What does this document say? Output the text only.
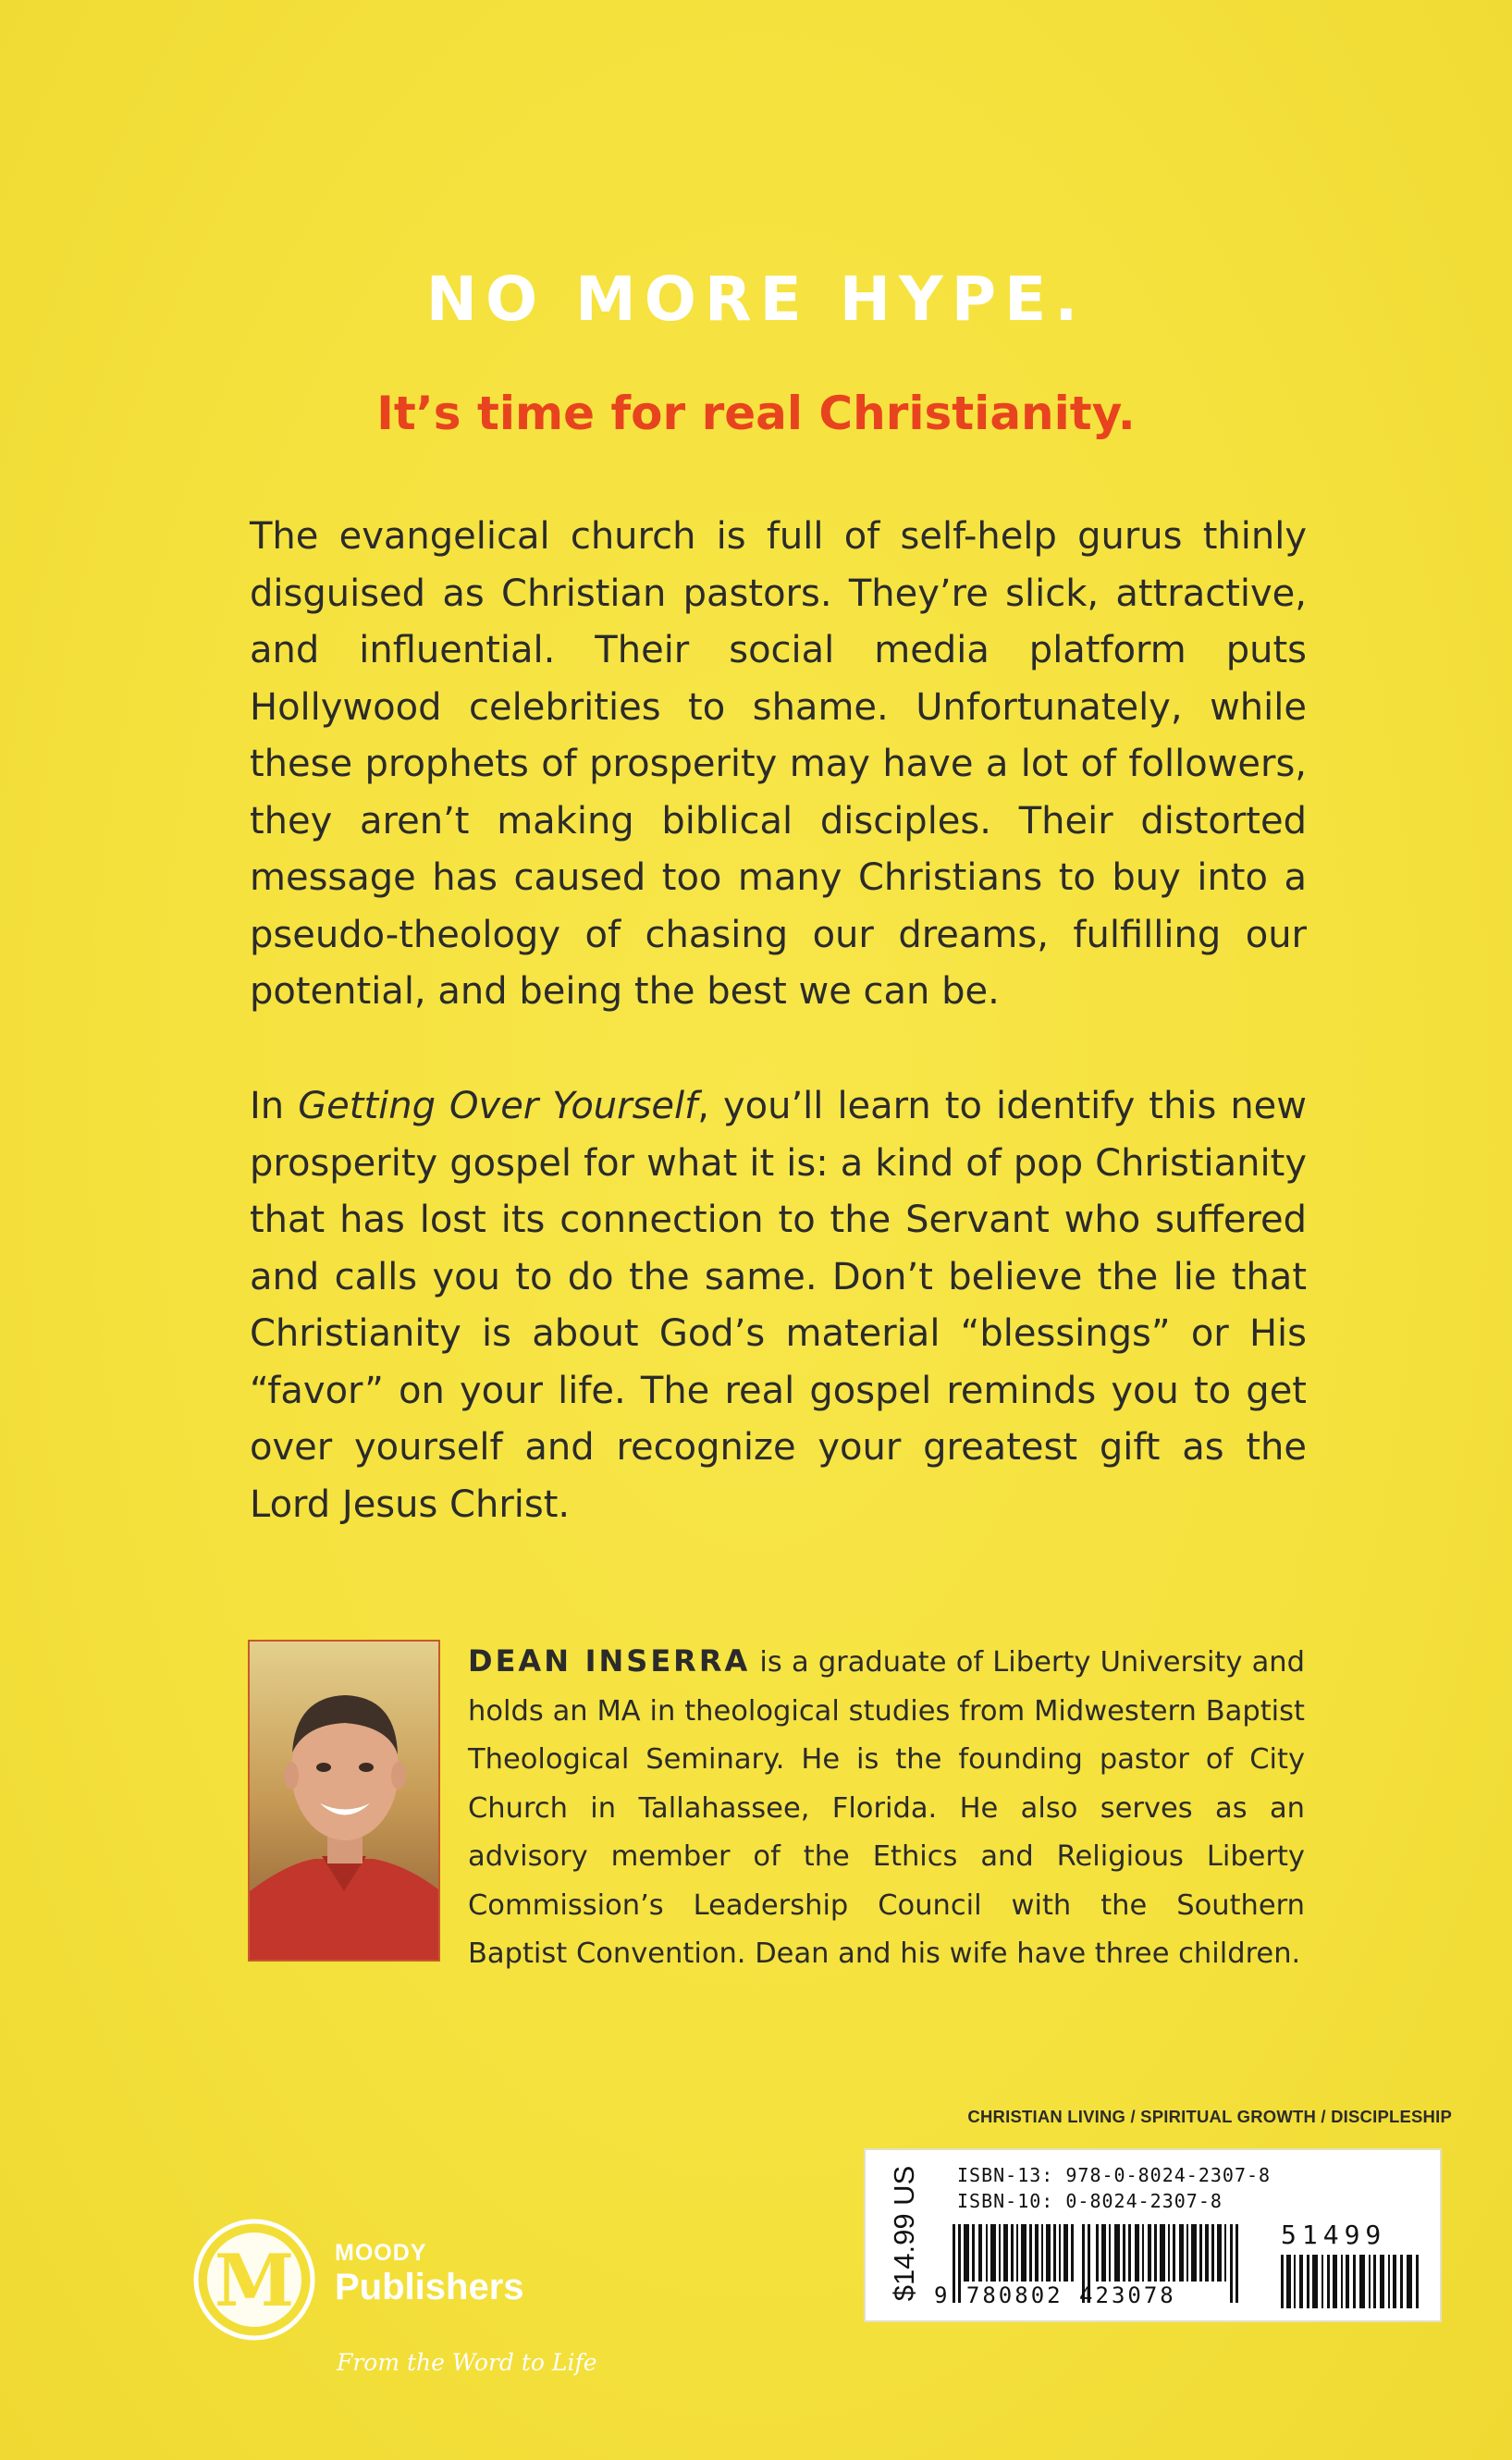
NO MORE HYPE.
It’s time for real Christianity.
The evangelical church is full of self-help gurus thinly disguised as Christian pastors. They’re slick, attractive, and influential. Their social media platform puts Hollywood celebrities to shame. Unfortunately, while these prophets of prosperity may have a lot of followers, they aren’t making biblical disciples. Their distorted message has caused too many Christians to buy into a pseudo-theology of chasing our dreams, fulfilling our potential, and being the best we can be.
In Getting Over Yourself, you’ll learn to identify this new prosperity gospel for what it is: a kind of pop Christianity that has lost its connection to the Servant who suffered and calls you to do the same. Don’t believe the lie that Christianity is about God’s material “blessings” or His “favor” on your life. The real gospel reminds you to get over yourself and recognize your greatest gift as the Lord Jesus Christ.
DEAN INSERRA is a graduate of Liberty University and holds an MA in theological studies from Midwestern Baptist Theological Seminary. He is the founding pastor of City Church in Tallahassee, Florida. He also serves as an advisory member of the Ethics and Religious Liberty Commission’s Leadership Council with the Southern Baptist Convention. Dean and his wife have three children.
CHRISTIAN LIVING / SPIRITUAL GROWTH / DISCIPLESHIP
$14.99 US ISBN-13: 978-0-8024-2307-8
ISBN-10: 0-8024-2307-8
9 780802 423078
51499
M MOODY
Publishers
From the Word to Life
